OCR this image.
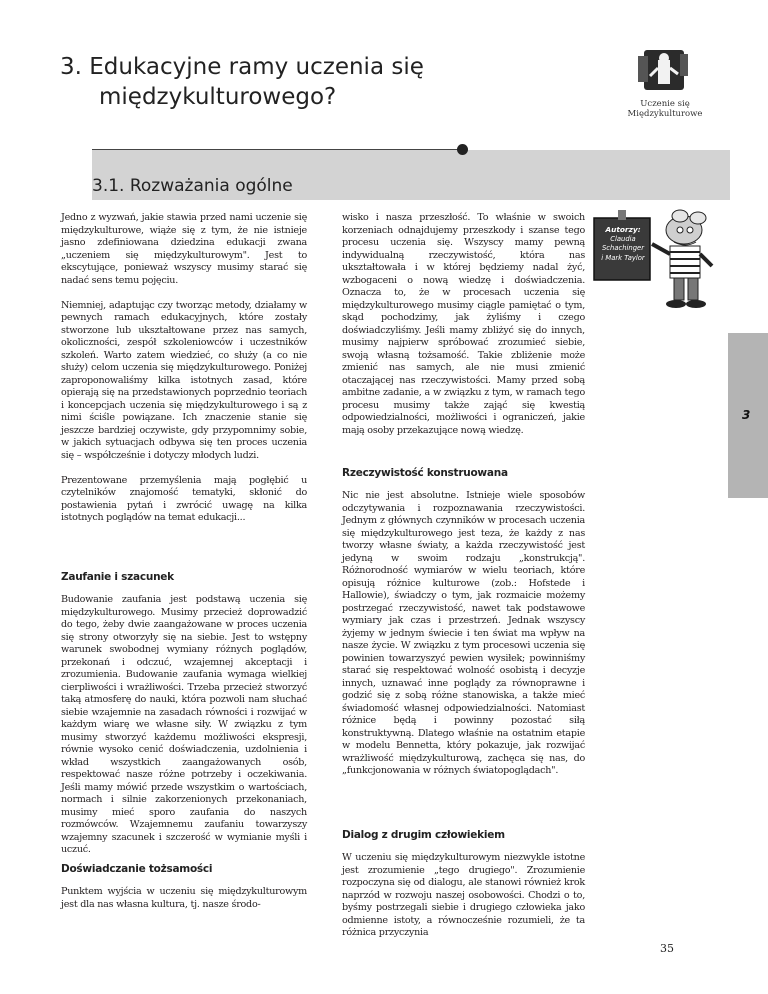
3. Edukacyjne ramy uczenia się
międzykulturowego?	Uczenie się
Międzykulturowe
3.1. Rozważania ogólne
Autorzy:
Claudia
Schachinger
i Mark Taylor

Jedno z wyzwań, jakie stawia przed nami uczenie się międzykulturowe, wiąże się z tym, że nie istnieje jasno zdefiniowana dziedzina edukacji zwana „uczeniem się międzykulturowym". Jest to ekscytujące, ponieważ wszyscy musimy starać się nadać sens temu pojęciu.

Niemniej, adaptując czy tworząc metody, działamy w pewnych ramach edukacyjnych, które zostały stworzone lub ukształtowane przez nas samych, okoliczności, zespół szkoleniowców i uczestników szkoleń. Warto zatem wiedzieć, co służy (a co nie służy) celom uczenia się międzykulturowego. Poniżej zaproponowaliśmy kilka istotnych zasad, które opierają się na przedstawionych poprzednio teoriach i koncepcjach uczenia się międzykulturowego i są z nimi ściśle powiązane. Ich znaczenie stanie się jeszcze bardziej oczywiste, gdy przypomnimy sobie, w jakich sytuacjach odbywa się ten proces uczenia się – współcześnie i dotyczy młodych ludzi.

Prezentowane przemyślenia mają pogłębić u czytelników znajomość tematyki, skłonić do postawienia pytań i zwrócić uwagę na kilka istotnych poglądów na temat edukacji...

Zaufanie i szacunek

Budowanie zaufania jest podstawą uczenia się międzykulturowego. Musimy przecież doprowadzić do tego, żeby dwie zaangażowane w proces uczenia się strony otworzyły się na siebie. Jest to wstępny warunek swobodnej wymiany różnych poglądów, przekonań i odczuć, wzajemnej akceptacji i zrozumienia. Budowanie zaufania wymaga wielkiej cierpliwości i wrażliwości. Trzeba przecież stworzyć taką atmosferę do nauki, która pozwoli nam słuchać siebie wzajemnie na zasadach równości i rozwijać w każdym wiarę we własne siły. W związku z tym musimy stworzyć każdemu możliwości ekspresji, równie wysoko cenić doświadczenia, uzdolnienia i wkład wszystkich zaangażowanych osób, respektować nasze różne potrzeby i oczekiwania. Jeśli mamy mówić przede wszystkim o wartościach, normach i silnie zakorzenionych przekonaniach, musimy mieć sporo zaufania do naszych rozmówców. Wzajemnemu zaufaniu towarzyszy wzajemny szacunek i szczerość w wymianie myśli i uczuć.

Doświadczanie tożsamości

Punktem wyjścia w uczeniu się międzykulturowym jest dla nas własna kultura, tj. nasze środo-

wisko i nasza przeszłość. To właśnie w swoich korzeniach odnajdujemy przeszkody i szanse tego procesu uczenia się. Wszyscy mamy pewną indywidualną rzeczywistość, która nas ukształtowała i w której będziemy nadal żyć, wzbogaceni o nową wiedzę i doświadczenia. Oznacza to, że w procesach uczenia się międzykulturowego musimy ciągle pamiętać o tym, skąd pochodzimy, jak żyliśmy i czego doświadczyliśmy. Jeśli mamy zbliżyć się do innych, musimy najpierw spróbować zrozumieć siebie, swoją własną tożsamość. Takie zbliżenie może zmienić nas samych, ale nie musi zmienić otaczającej nas rzeczywistości. Mamy przed sobą ambitne zadanie, a w związku z tym, w ramach tego procesu musimy także zająć się kwestią odpowiedzialności, możliwości i ograniczeń, jakie mają osoby przekazujące nową wiedzę.

Rzeczywistość konstruowana

Nic nie jest absolutne. Istnieje wiele sposobów odczytywania i rozpoznawania rzeczywistości. Jednym z głównych czynników w procesach uczenia się międzykulturowego jest teza, że każdy z nas tworzy własne światy, a każda rzeczywistość jest jedyną w swoim rodzaju „konstrukcją". Różnorodność wymiarów w wielu teoriach, które opisują różnice kulturowe (zob.: Hofstede i Hallowie), świadczy o tym, jak rozmaicie możemy postrzegać rzeczywistość, nawet tak podstawowe wymiary jak czas i przestrzeń. Jednak wszyscy żyjemy w jednym świecie i ten świat ma wpływ na nasze życie. W związku z tym procesowi uczenia się powinien towarzyszyć pewien wysiłek; powinniśmy starać się respektować wolność osobistą i decyzje innych, uznawać inne poglądy za równoprawne i godzić się z sobą różne stanowiska, a także mieć świadomość własnej odpowiedzialności. Natomiast różnice będą i powinny pozostać siłą konstruktywną. Dlatego właśnie na ostatnim etapie w modelu Bennetta, który pokazuje, jak rozwijać wrażliwość międzykulturową, zachęca się nas, do „funkcjonowania w różnych światopoglądach".

Dialog z drugim człowiekiem

W uczeniu się międzykulturowym niezwykle istotne jest zrozumienie „tego drugiego". Zrozumienie rozpoczyna się od dialogu, ale stanowi również krok naprzód w rozwoju naszej osobowości. Chodzi o to, byśmy postrzegali siebie i drugiego człowieka jako odmienne istoty, a równocześnie rozumieli, że ta różnica przyczynia

3
35
